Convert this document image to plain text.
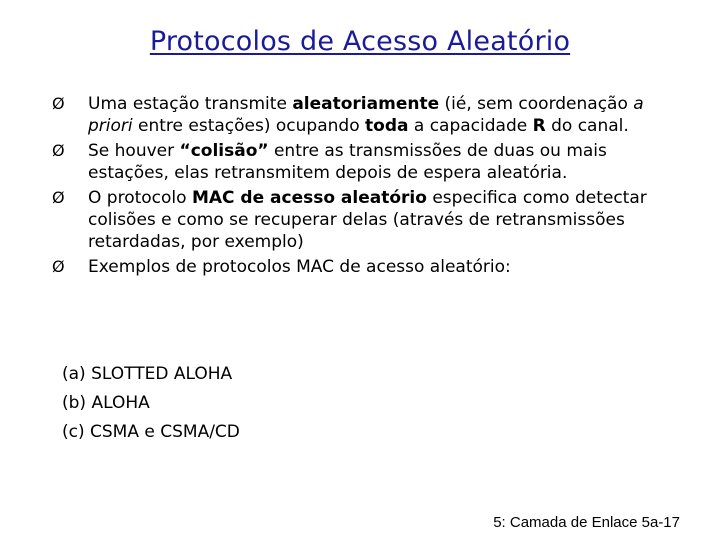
Protocolos de Acesso Aleatório
Ø	Uma estação transmite aleatoriamente (ié, sem coordenação a priori entre estações) ocupando toda a capacidade R do canal.
Ø	Se houver “colisão” entre as transmissões de duas ou mais estações, elas retransmitem depois de espera aleatória.
Ø	O protocolo MAC de acesso aleatório especifica como detectar colisões e como se recuperar delas (através de retransmissões retardadas, por exemplo)
Ø	Exemplos de protocolos MAC de acesso aleatório:
(a) SLOTTED ALOHA
(b) ALOHA
(c) CSMA e CSMA/CD
5: Camada de Enlace 5a-17
